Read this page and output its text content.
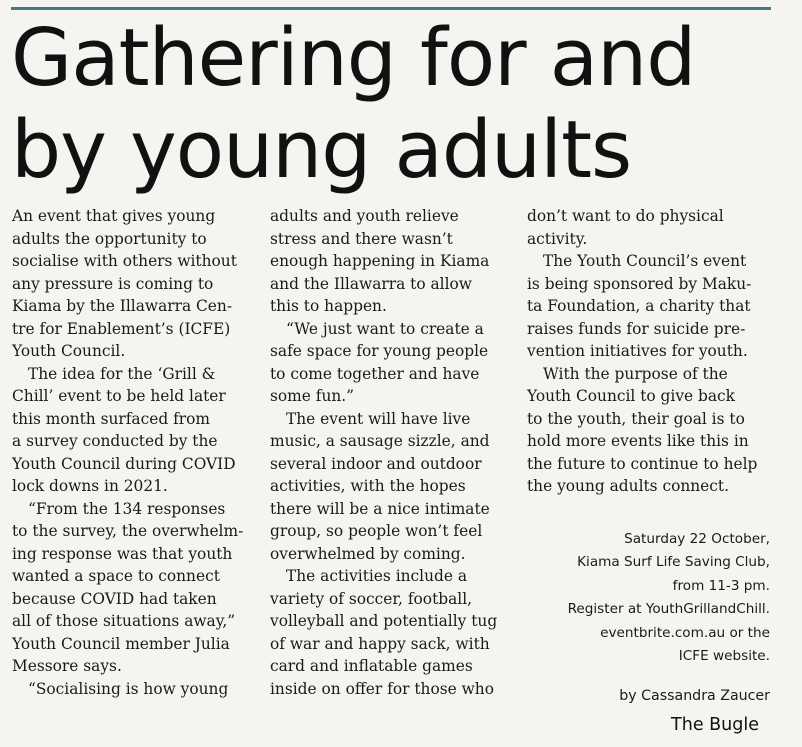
Gathering for and
by young adults

An event that gives young

adults the opportunity to

socialise with others without

any pressure is coming to

Kiama by the Illawarra Cen-

tre for Enablement’s (ICFE)

Youth Council.

The idea for the ‘Grill &

Chill’ event to be held later

this month surfaced from

a survey conducted by the

Youth Council during COVID

lock downs in 2021.

“From the 134 responses

to the survey, the overwhelm-

ing response was that youth

wanted a space to connect

because COVID had taken

all of those situations away,”

Youth Council member Julia

Messore says.

“Socialising is how young

adults and youth relieve

stress and there wasn’t

enough happening in Kiama

and the Illawarra to allow

this to happen.

“We just want to create a

safe space for young people

to come together and have

some fun.”

The event will have live

music, a sausage sizzle, and

several indoor and outdoor

activities, with the hopes

there will be a nice intimate

group, so people won’t feel

overwhelmed by coming.

The activities include a

variety of soccer, football,

volleyball and potentially tug

of war and happy sack, with

card and inflatable games

inside on offer for those who

don’t want to do physical

activity.

The Youth Council’s event

is being sponsored by Maku-

ta Foundation, a charity that

raises funds for suicide pre-

vention initiatives for youth.

With the purpose of the

Youth Council to give back

to the youth, their goal is to

hold more events like this in

the future to continue to help

the young adults connect.

Saturday 22 October,

Kiama Surf Life Saving Club,

from 11-3 pm.

Register at YouthGrillandChill.

eventbrite.com.au or the

ICFE website.

by Cassandra Zaucer

The Bugle
